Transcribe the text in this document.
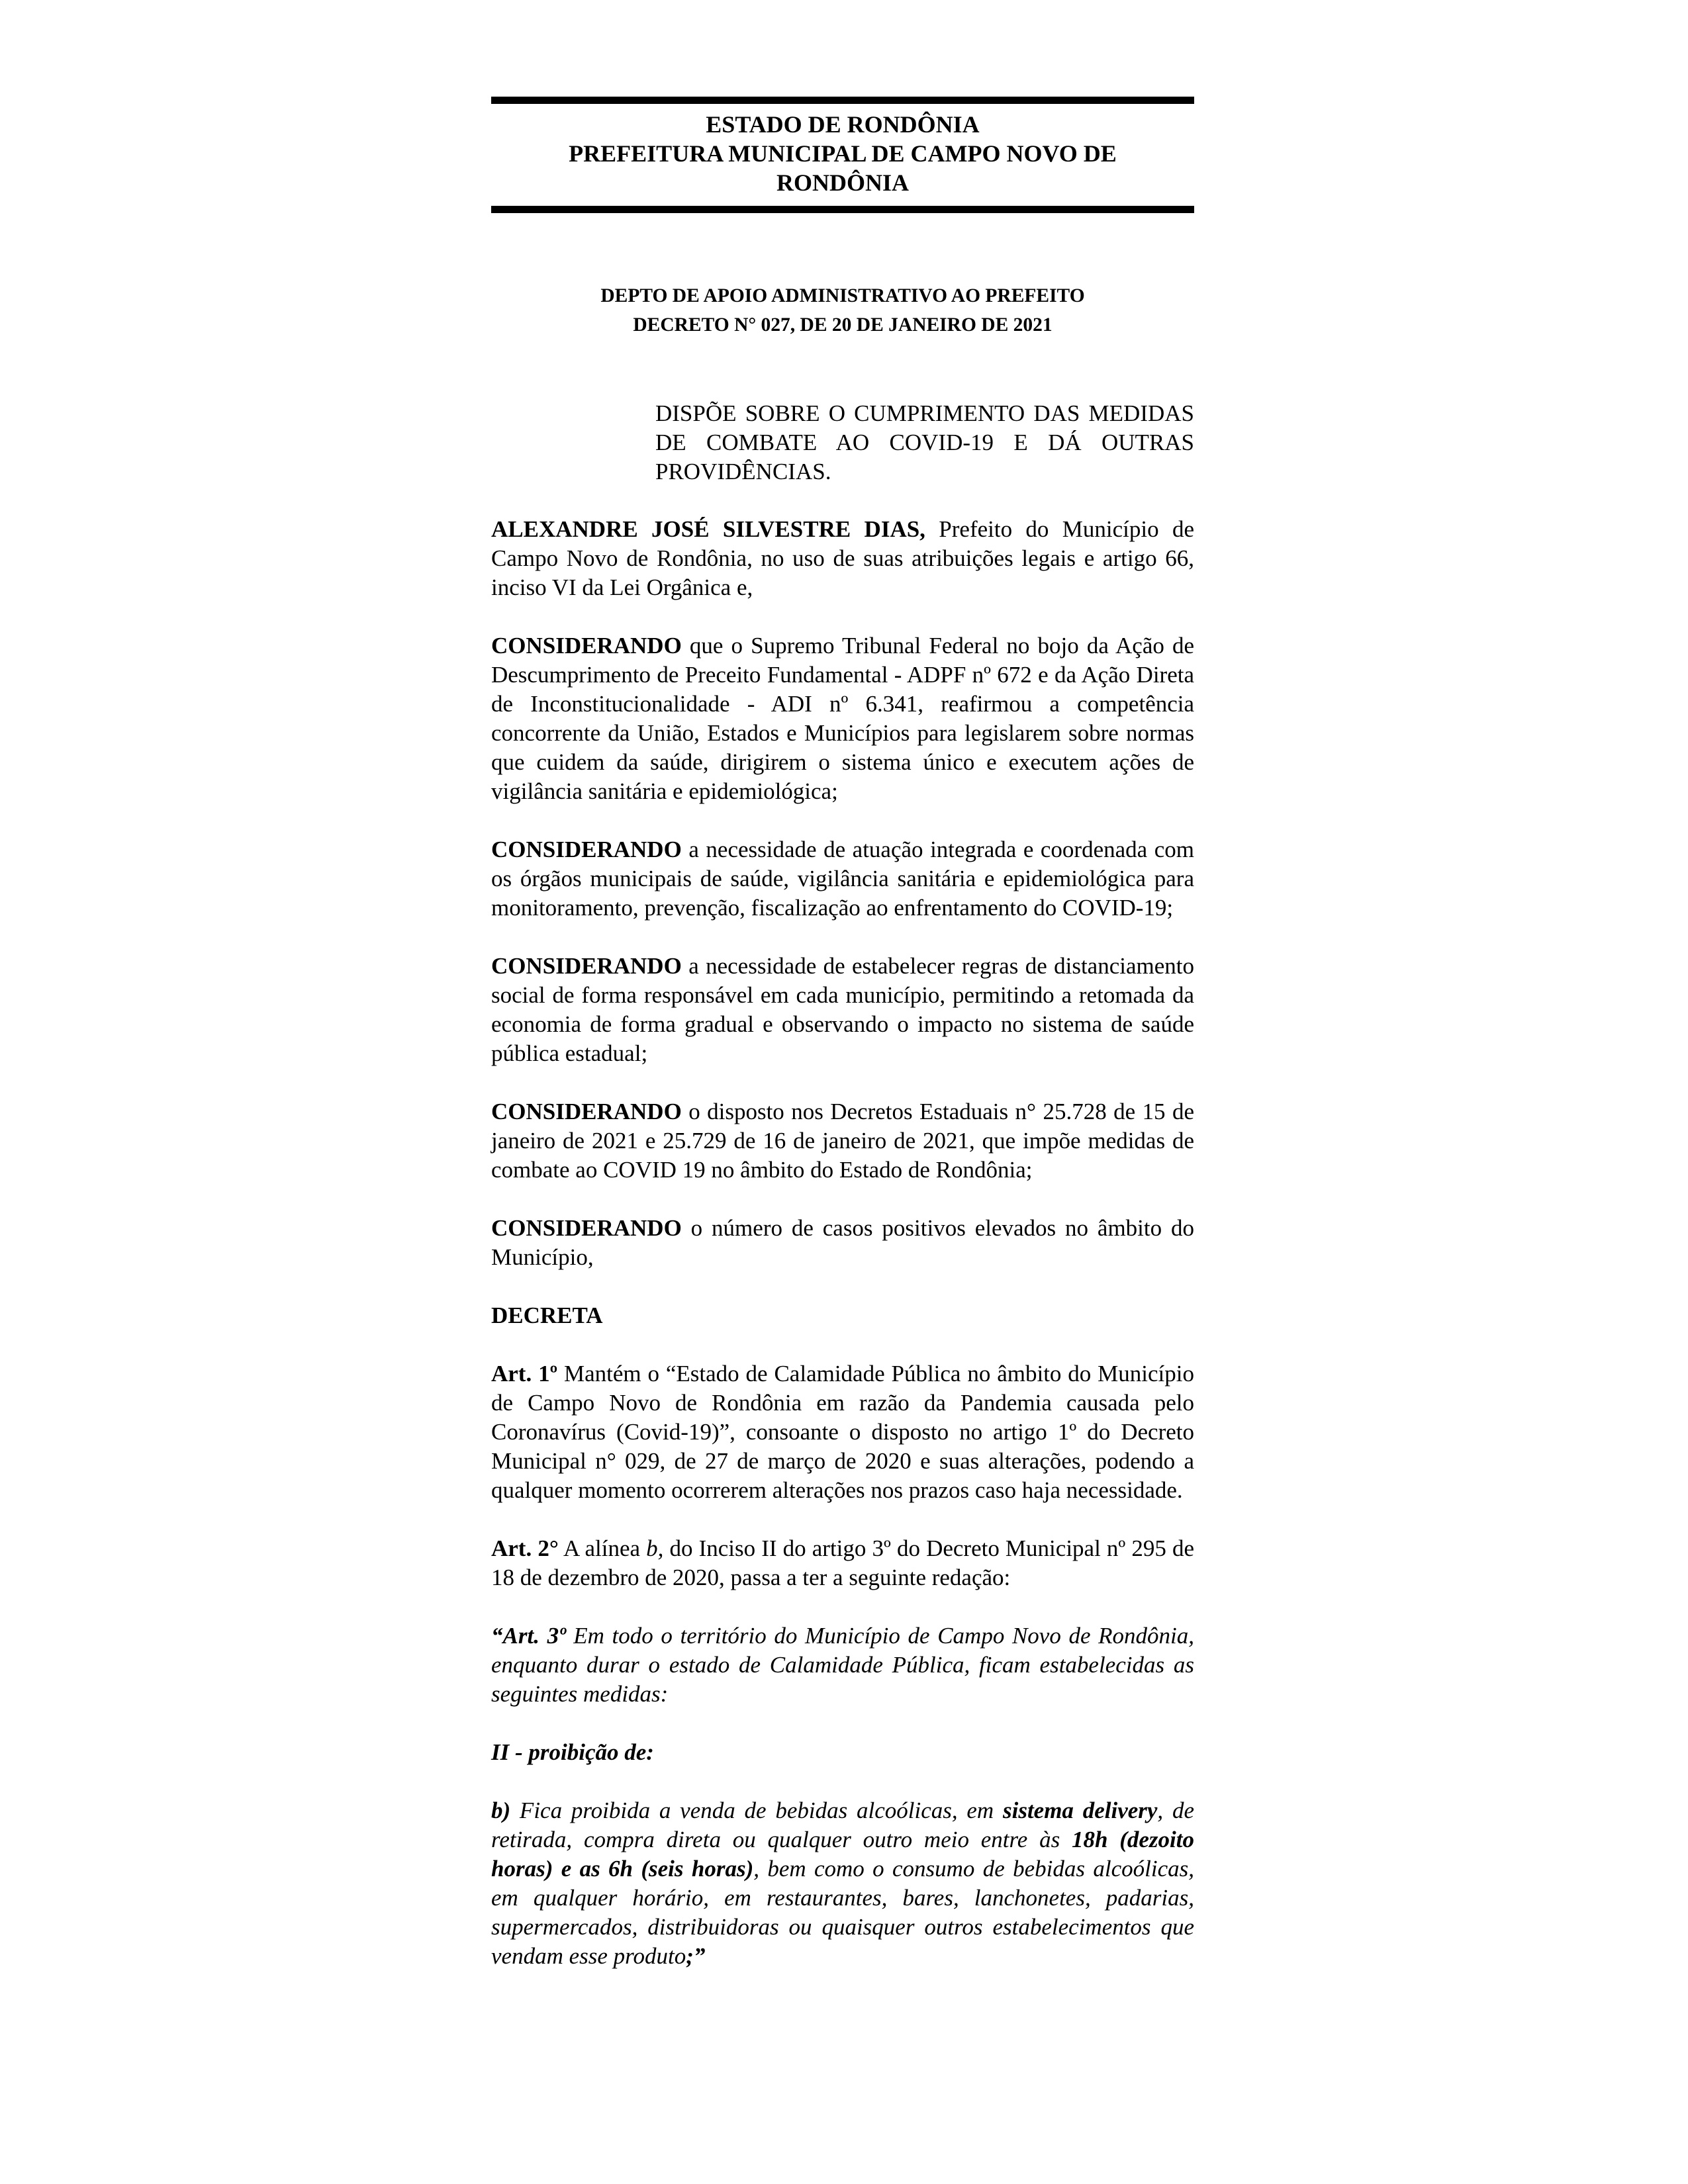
ESTADO DE RONDÔNIA
PREFEITURA MUNICIPAL DE CAMPO NOVO DE
RONDÔNIA
DEPTO DE APOIO ADMINISTRATIVO AO PREFEITO
DECRETO N° 027, DE 20 DE JANEIRO DE 2021
DISPÕE SOBRE O CUMPRIMENTO DAS MEDIDAS DE COMBATE AO COVID-19 E DÁ OUTRAS PROVIDÊNCIAS.

ALEXANDRE JOSÉ SILVESTRE DIAS, Prefeito do Município de Campo Novo de Rondônia, no uso de suas atribuições legais e artigo 66, inciso VI da Lei Orgânica e,

CONSIDERANDO que o Supremo Tribunal Federal no bojo da Ação de Descumprimento de Preceito Fundamental - ADPF nº 672 e da Ação Direta de Inconstitucionalidade - ADI nº 6.341, reafirmou a competência concorrente da União, Estados e Municípios para legislarem sobre normas que cuidem da saúde, dirigirem o sistema único e executem ações de vigilância sanitária e epidemiológica;

CONSIDERANDO a necessidade de atuação integrada e coordenada com os órgãos municipais de saúde, vigilância sanitária e epidemiológica para monitoramento, prevenção, fiscalização ao enfrentamento do COVID-19;

CONSIDERANDO a necessidade de estabelecer regras de distanciamento social de forma responsável em cada município, permitindo a retomada da economia de forma gradual e observando o impacto no sistema de saúde pública estadual;

CONSIDERANDO o disposto nos Decretos Estaduais n° 25.728 de 15 de janeiro de 2021 e 25.729 de 16 de janeiro de 2021, que impõe medidas de combate ao COVID 19 no âmbito do Estado de Rondônia;

CONSIDERANDO o número de casos positivos elevados no âmbito do Município,

DECRETA

Art. 1º Mantém o “Estado de Calamidade Pública no âmbito do Município de Campo Novo de Rondônia em razão da Pandemia causada pelo Coronavírus (Covid-19)”, consoante o disposto no artigo 1º do Decreto Municipal n° 029, de 27 de março de 2020 e suas alterações, podendo a qualquer momento ocorrerem alterações nos prazos caso haja necessidade.

Art. 2° A alínea b, do Inciso II do artigo 3º do Decreto Municipal nº 295 de 18 de dezembro de 2020, passa a ter a seguinte redação:

“Art. 3º Em todo o território do Município de Campo Novo de Rondônia, enquanto durar o estado de Calamidade Pública, ficam estabelecidas as seguintes medidas:

II - proibição de:

b) Fica proibida a venda de bebidas alcoólicas, em sistema delivery, de retirada, compra direta ou qualquer outro meio entre às 18h (dezoito horas) e as 6h (seis horas), bem como o consumo de bebidas alcoólicas, em qualquer horário, em restaurantes, bares, lanchonetes, padarias, supermercados, distribuidoras ou quaisquer outros estabelecimentos que vendam esse produto;”
